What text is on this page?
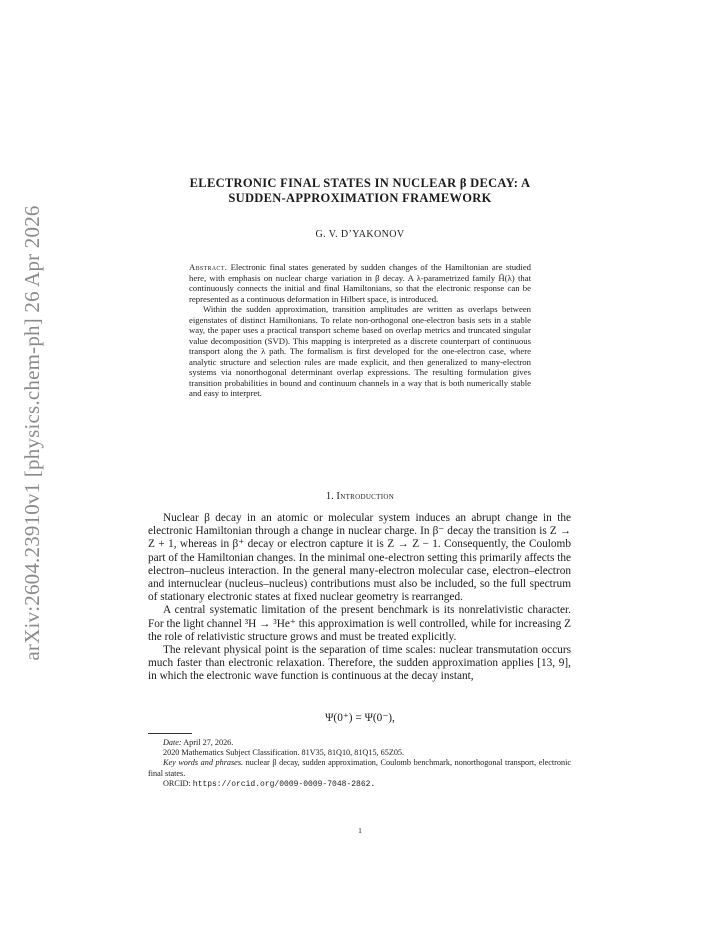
arXiv:2604.23910v1 [physics.chem-ph] 26 Apr 2026
ELECTRONIC FINAL STATES IN NUCLEAR β DECAY: A
SUDDEN-APPROXIMATION FRAMEWORK
G. V. D’YAKONOV

Abstract. Electronic final states generated by sudden changes of the Hamiltonian are studied here, with emphasis on nuclear charge variation in β decay. A λ-parametrized family Ĥ(λ) that continuously connects the initial and final Hamiltonians, so that the electronic response can be represented as a continuous deformation in Hilbert space, is introduced.

Within the sudden approximation, transition amplitudes are written as overlaps between eigenstates of distinct Hamiltonians. To relate non-orthogonal one-electron basis sets in a stable way, the paper uses a practical transport scheme based on overlap metrics and truncated singular value decomposition (SVD). This mapping is interpreted as a discrete counterpart of continuous transport along the λ path. The formalism is first developed for the one-electron case, where analytic structure and selection rules are made explicit, and then generalized to many-electron systems via nonorthogonal determinant overlap expressions. The resulting formulation gives transition probabilities in bound and continuum channels in a way that is both numerically stable and easy to interpret.

1. Introduction

Nuclear β decay in an atomic or molecular system induces an abrupt change in the electronic Hamiltonian through a change in nuclear charge. In β⁻ decay the transition is Z → Z + 1, whereas in β⁺ decay or electron capture it is Z → Z − 1. Consequently, the Coulomb part of the Hamiltonian changes. In the minimal one-electron setting this primarily affects the electron–nucleus interaction. In the general many-electron molecular case, electron–electron and internuclear (nucleus–nucleus) contributions must also be included, so the full spectrum of stationary electronic states at fixed nuclear geometry is rearranged.

A central systematic limitation of the present benchmark is its nonrelativistic character. For the light channel ³H → ³He⁺ this approximation is well controlled, while for increasing Z the role of relativistic structure grows and must be treated explicitly.

The relevant physical point is the separation of time scales: nuclear transmutation occurs much faster than electronic relaxation. Therefore, the sudden approximation applies [13, 9], in which the electronic wave function is continuous at the decay instant,

Ψ(0⁺) = Ψ(0⁻),

Date: April 27, 2026.

2020 Mathematics Subject Classification. 81V35, 81Q10, 81Q15, 65Z05.

Key words and phrases. nuclear β decay, sudden approximation, Coulomb benchmark, nonorthogonal transport, electronic final states.

ORCID: https://orcid.org/0009-0009-7048-2862.

1
